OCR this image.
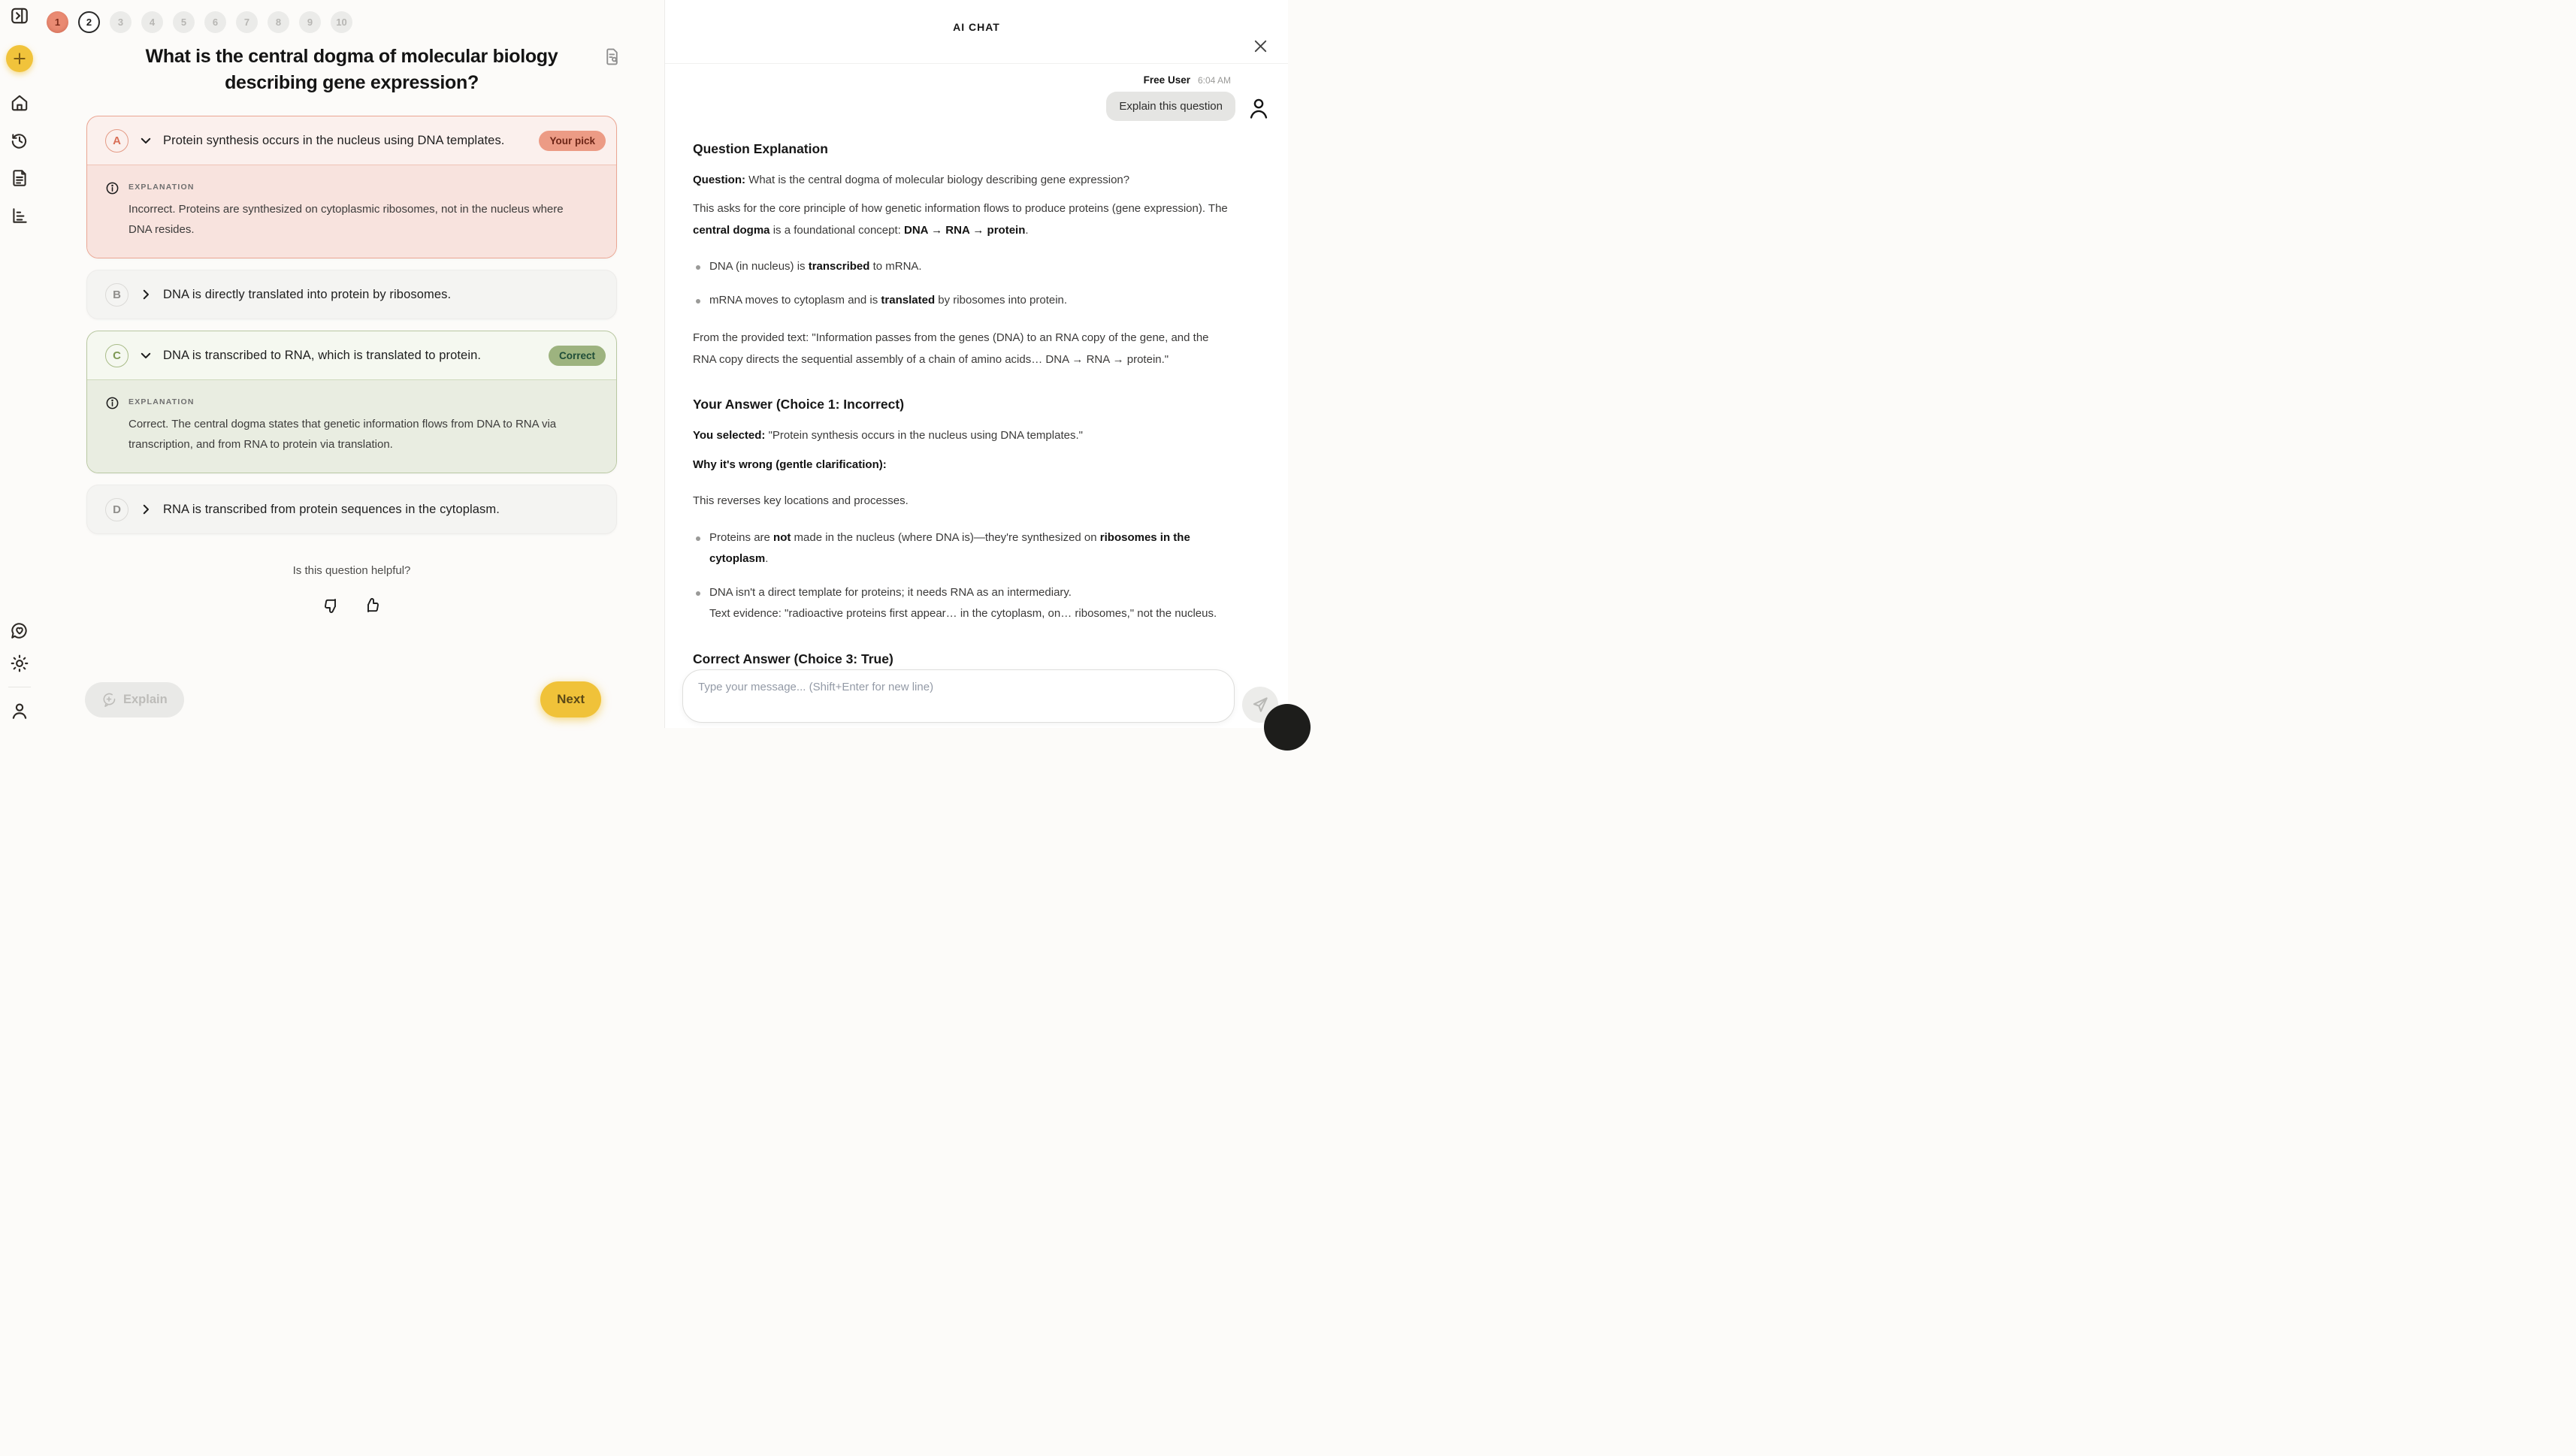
1	2	3	4	5	6	7	8	9	10
What is the central dogma of molecular biology describing gene expression?
A	Protein synthesis occurs in the nucleus using DNA templates.	Your pick
EXPLANATION

Incorrect. Proteins are synthesized on cytoplasmic ribosomes, not in the nucleus where DNA resides.

B	DNA is directly translated into protein by ribosomes.
C	DNA is transcribed to RNA, which is translated to protein.	Correct
EXPLANATION

Correct. The central dogma states that genetic information flows from DNA to RNA via transcription, and from RNA to protein via translation.

D	RNA is transcribed from protein sequences in the cytoplasm.
Is this question helpful?
Explain	Next
AI CHAT
Free User 6:04 AM
Explain this question
Question Explanation

Question: What is the central dogma of molecular biology describing gene expression?

This asks for the core principle of how genetic information flows to produce proteins (gene expression). The central dogma is a foundational concept: DNA → RNA → protein.

DNA (in nucleus) is transcribed to mRNA.
mRNA moves to cytoplasm and is translated by ribosomes into protein.

From the provided text: "Information passes from the genes (DNA) to an RNA copy of the gene, and the RNA copy directs the sequential assembly of a chain of amino acids… DNA → RNA → protein."

Your Answer (Choice 1: Incorrect)

You selected: "Protein synthesis occurs in the nucleus using DNA templates."

Why it's wrong (gentle clarification):

This reverses key locations and processes.

Proteins are not made in the nucleus (where DNA is)—they're synthesized on ribosomes in the cytoplasm.
DNA isn't a direct template for proteins; it needs RNA as an intermediary.
Text evidence: "radioactive proteins first appear… in the cytoplasm, on… ribosomes," not the nucleus.
Correct Answer (Choice 3: True)
Type your message... (Shift+Enter for new line)
